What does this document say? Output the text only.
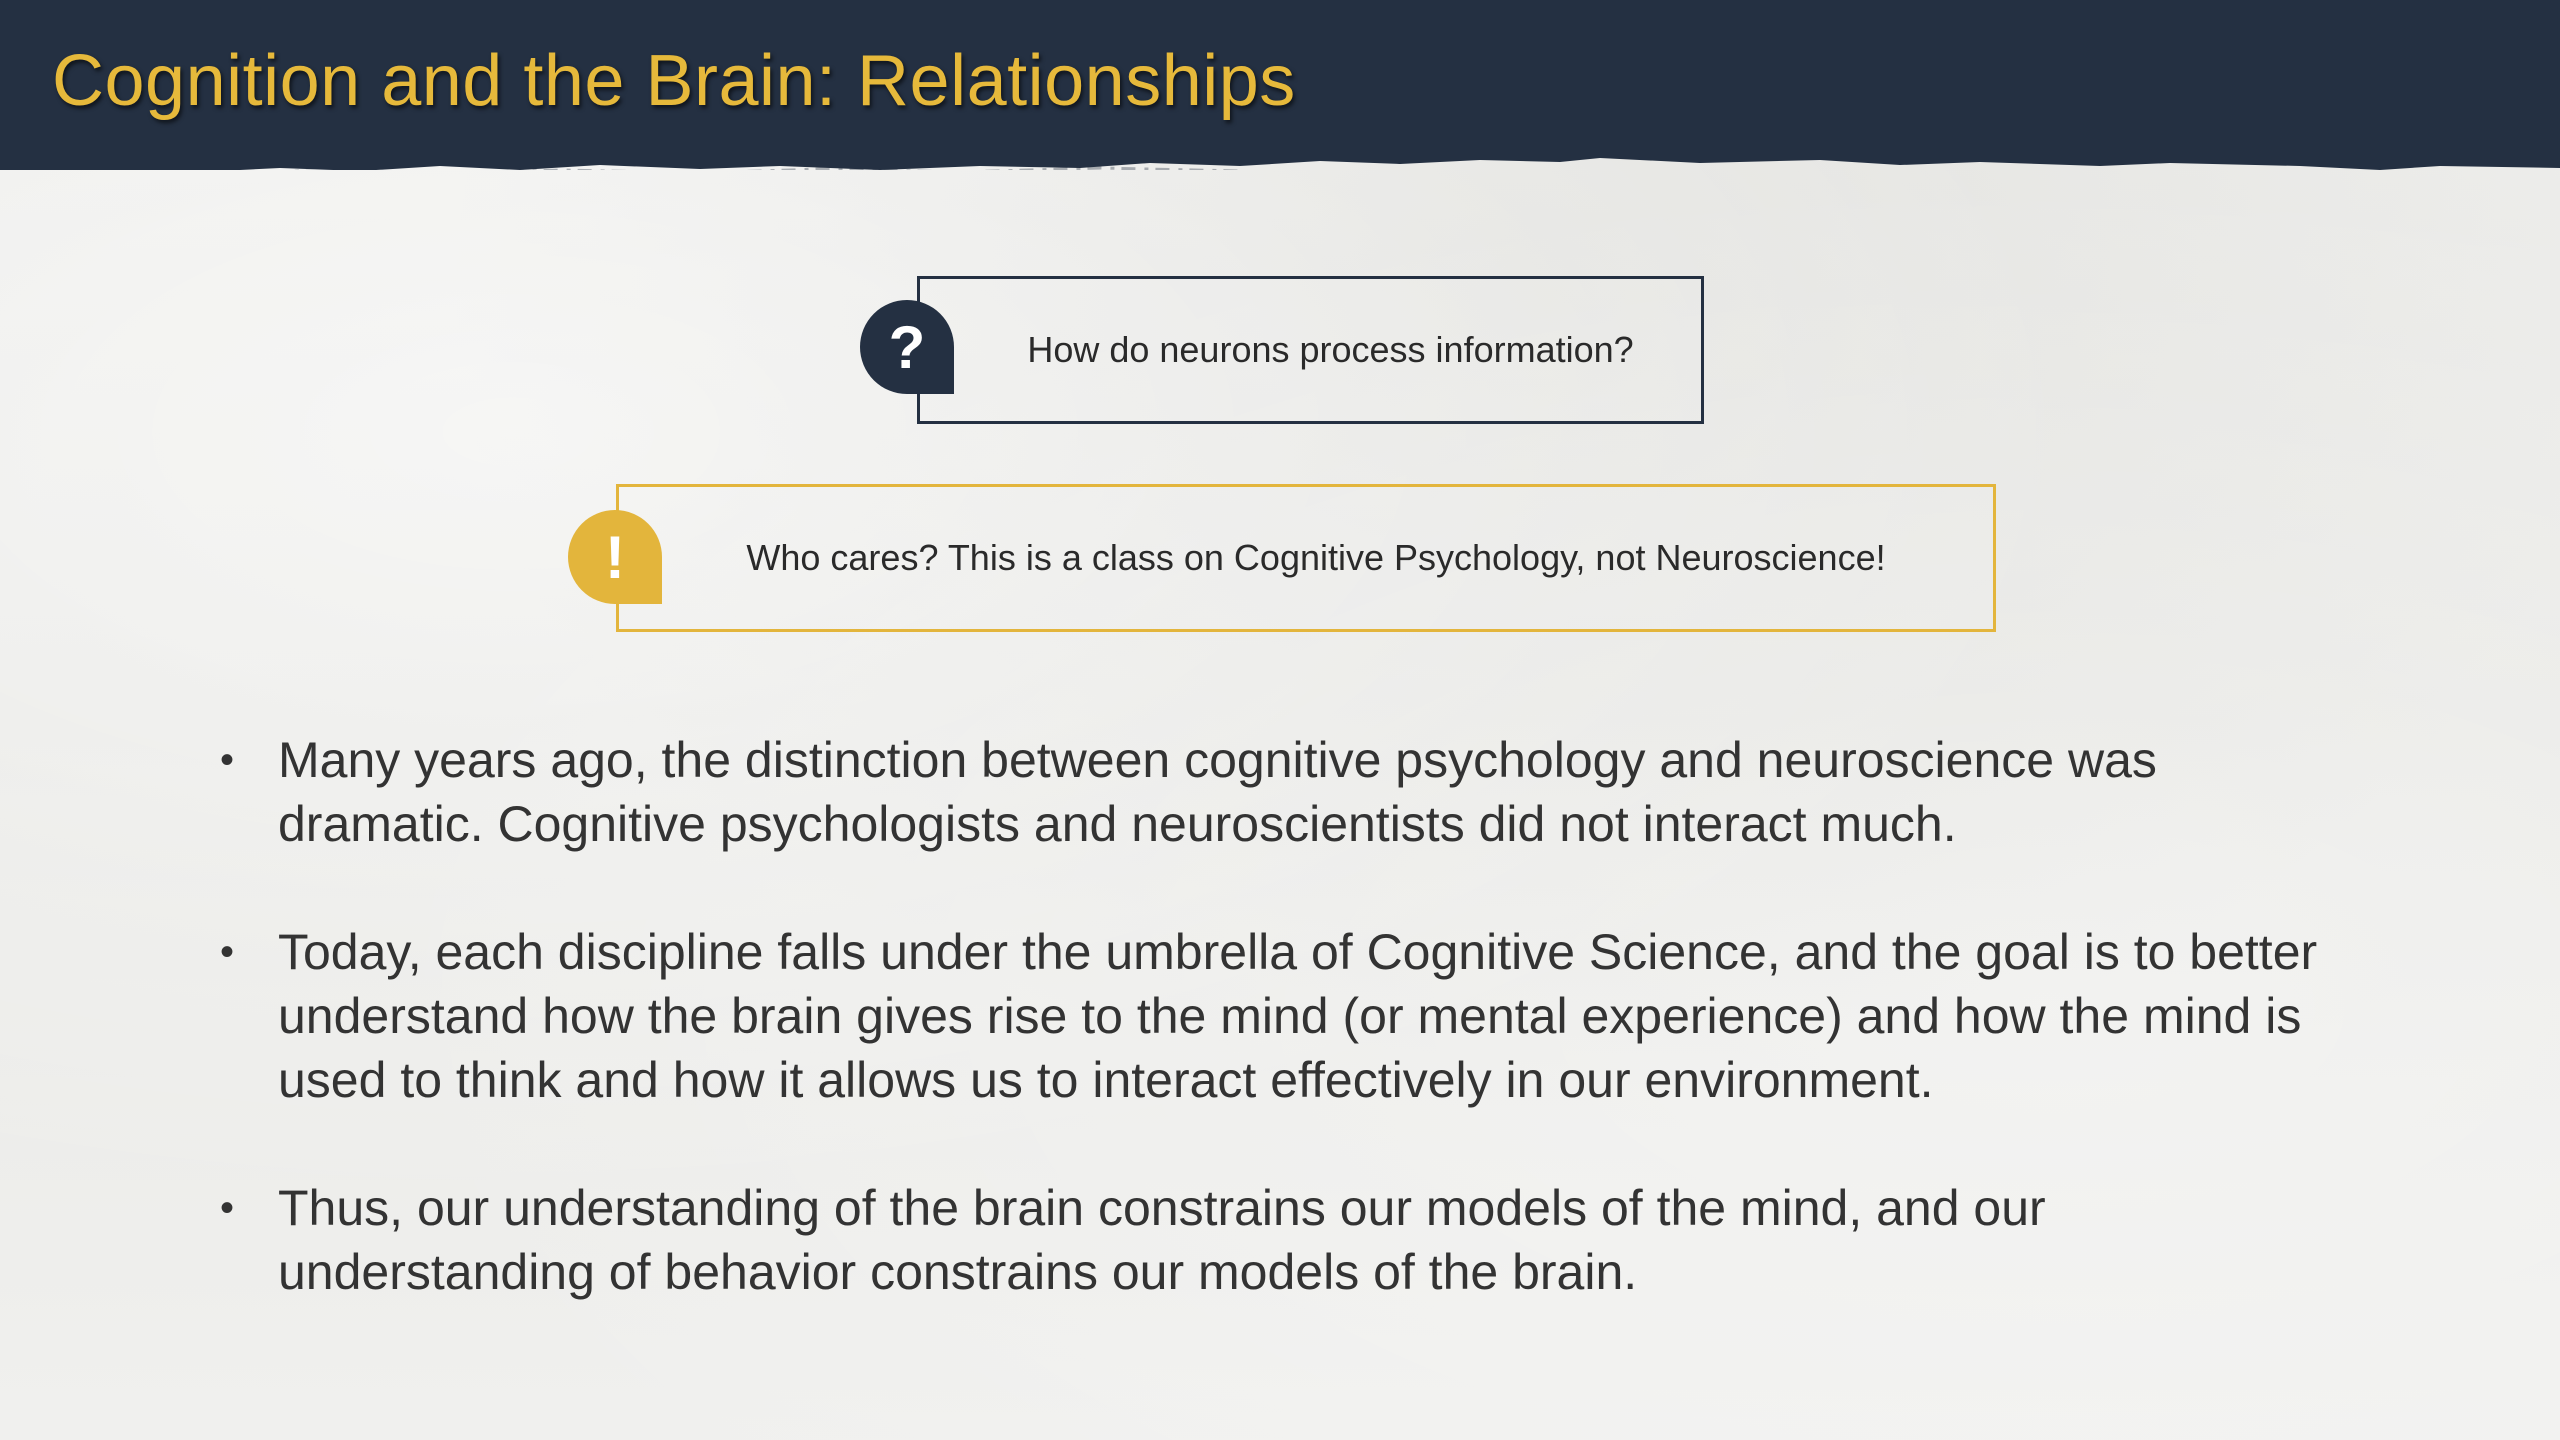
Cognition and the Brain: Relationships
How do neurons process information?
?
Who cares? This is a class on Cognitive Psychology, not Neuroscience!
!
• Many years ago, the distinction between cognitive psychology and neuroscience was dramatic. Cognitive psychologists and neuroscientists did not interact much.
• Today, each discipline falls under the umbrella of Cognitive Science, and the goal is to better understand how the brain gives rise to the mind (or mental experience) and how the mind is used to think and how it allows us to interact effectively in our environment.
• Thus, our understanding of the brain constrains our models of the mind, and our understanding of behavior constrains our models of the brain.
